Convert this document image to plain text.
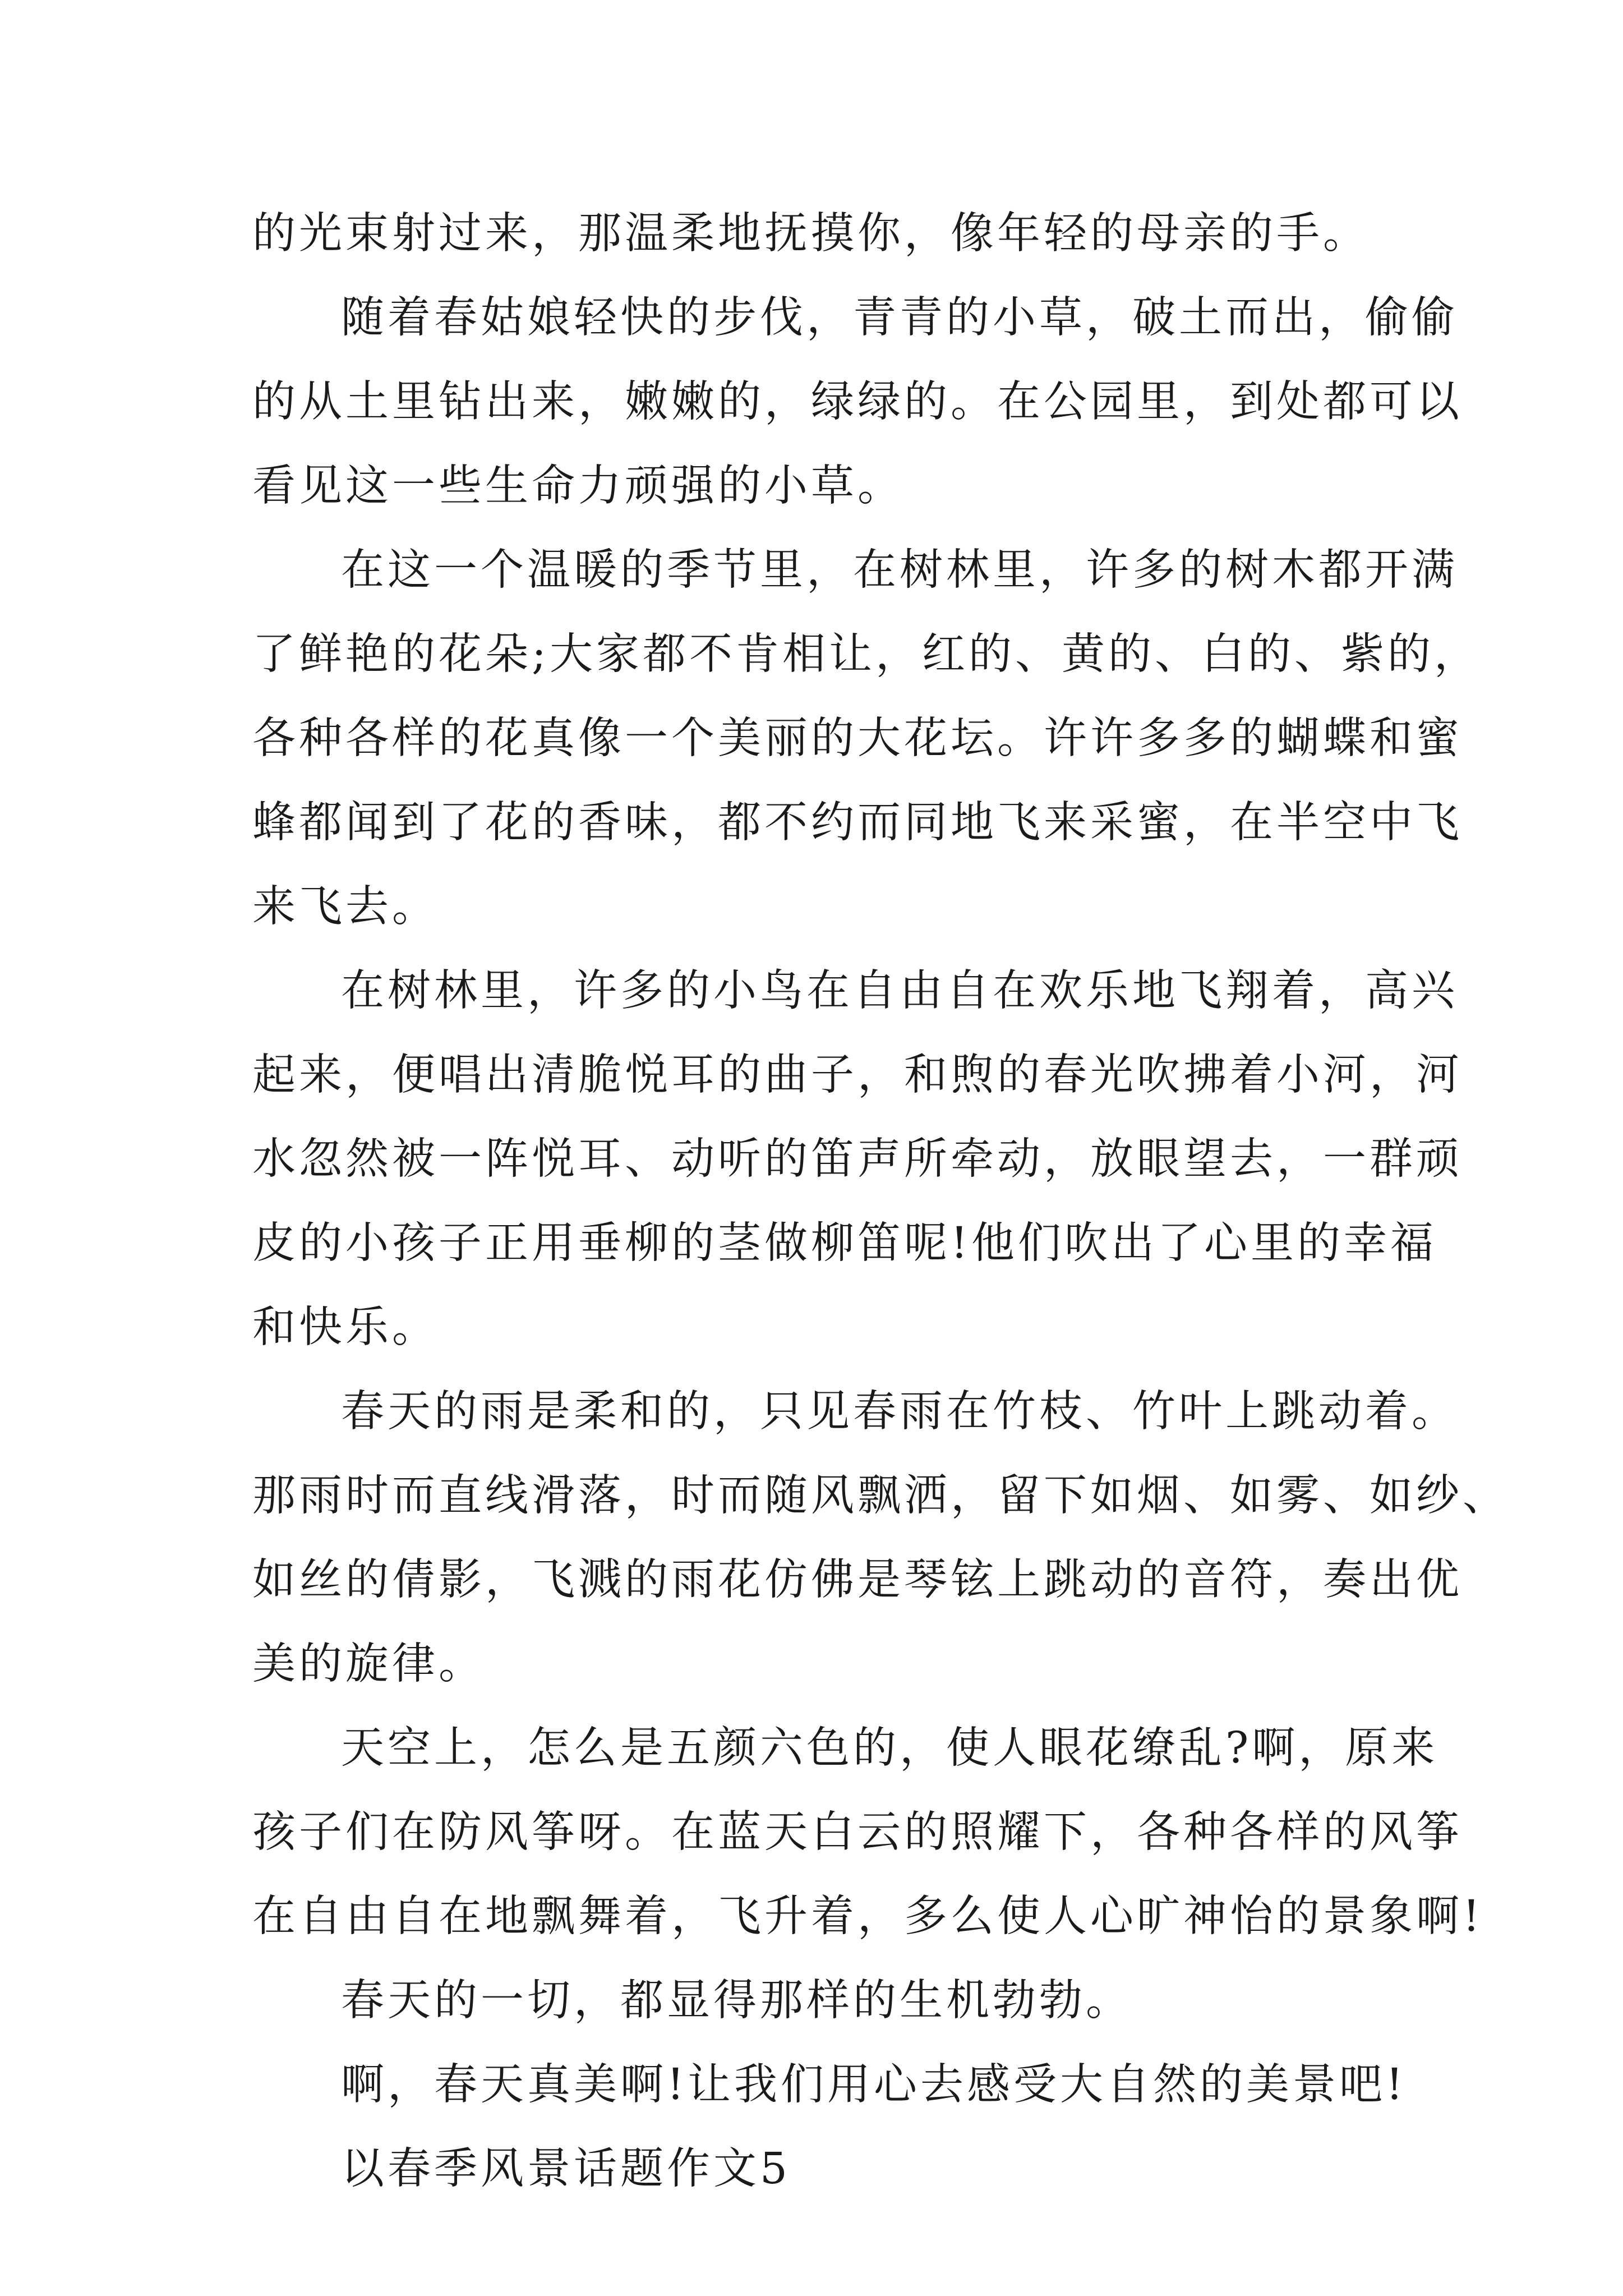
的光束射过来，那温柔地抚摸你，像年轻的母亲的手。

随着春姑娘轻快的步伐，青青的小草，破土而出，偷偷
的从土里钻出来，嫩嫩的，绿绿的。在公园里，到处都可以
看见这一些生命力顽强的小草。

在这一个温暖的季节里，在树林里，许多的树木都开满
了鲜艳的花朵;大家都不肯相让，红的、黄的、白的、紫的，
各种各样的花真像一个美丽的大花坛。许许多多的蝴蝶和蜜
蜂都闻到了花的香味，都不约而同地飞来采蜜，在半空中飞
来飞去。

在树林里，许多的小鸟在自由自在欢乐地飞翔着，高兴
起来，便唱出清脆悦耳的曲子，和煦的春光吹拂着小河，河
水忽然被一阵悦耳、动听的笛声所牵动，放眼望去，一群顽
皮的小孩子正用垂柳的茎做柳笛呢!他们吹出了心里的幸福
和快乐。

春天的雨是柔和的，只见春雨在竹枝、竹叶上跳动着。
那雨时而直线滑落，时而随风飘洒，留下如烟、如雾、如纱、
如丝的倩影，飞溅的雨花仿佛是琴铉上跳动的音符，奏出优
美的旋律。

天空上，怎么是五颜六色的，使人眼花缭乱?啊，原来
孩子们在防风筝呀。在蓝天白云的照耀下，各种各样的风筝
在自由自在地飘舞着，飞升着，多么使人心旷神怡的景象啊!

春天的一切，都显得那样的生机勃勃。

啊，春天真美啊!让我们用心去感受大自然的美景吧!

以春季风景话题作文5
